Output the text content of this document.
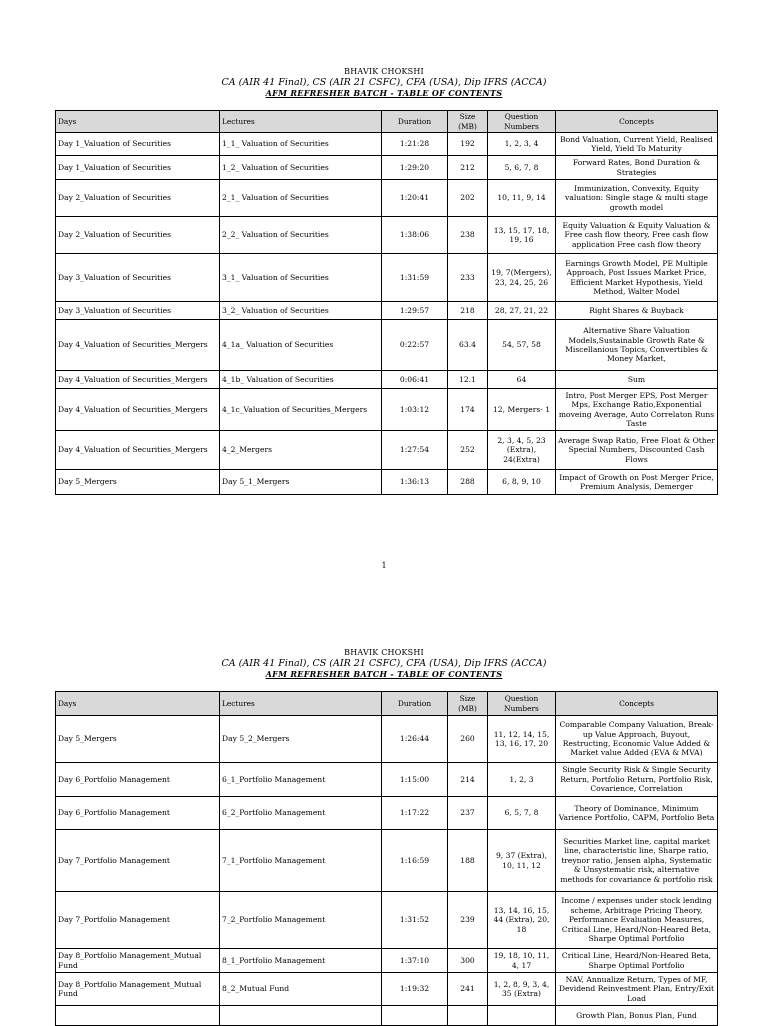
BHAVIK CHOKSHI
CA (AIR 41 Final), CS (AIR 21 CSFC), CFA (USA), Dip IFRS (ACCA)
AFM REFRESHER BATCH - TABLE OF CONTENTS
Days	Lectures	Duration	Size (MB)	Question Numbers	Concepts
Day 1_Valuation of Securities	1_1_ Valuation of Securities	1:21:28	192	1, 2, 3, 4	Bond Valuation, Current Yield, Realised Yield, Yield To Maturity
Day 1_Valuation of Securities	1_2_ Valuation of Securities	1:29:20	212	5, 6, 7, 8	Forward Rates, Bond Duration & Strategies
Day 2_Valuation of Securities	2_1_ Valuation of Securities	1:20:41	202	10, 11, 9, 14	Immunization, Convexity, Equity valuation: Single stage & multi stage growth model
Day 2_Valuation of Securities	2_2_ Valuation of Securities	1:38:06	238	13, 15, 17, 18, 19, 16	Equity Valuation & Equity Valuation & Free cash flow theory, Free cash flow application Free cash flow theory
Day 3_Valuation of Securities	3_1_ Valuation of Securities	1:31:59	233	19, 7(Mergers), 23, 24, 25, 26	Earnings Growth Model, PE Multiple Approach, Post Issues Market Price, Efficient Market Hypothesis, Yield Method, Walter Model
Day 3_Valuation of Securities	3_2_ Valuation of Securities	1:29:57	218	28, 27, 21, 22	Right Shares & Buyback
Day 4_Valuation of Securities_Mergers	4_1a_ Valuation of Securities	0:22:57	63.4	54, 57, 58	Alternative Share Valuation Models,Sustainable Growth Rate & Miscellanious Topics, Convertibles & Money Market,
Day 4_Valuation of Securities_Mergers	4_1b_ Valuation of Securities	0:06:41	12.1	64	Sum
Day 4_Valuation of Securities_Mergers	4_1c_Valuation of Securities_Mergers	1:03:12	174	12, Mergers- 1	Intro, Post Merger EPS, Post Merger Mps, Exchange Ratio,Exponential moveing Average, Auto Correlaton Runs Taste
Day 4_Valuation of Securities_Mergers	4_2_Mergers	1:27:54	252	2, 3, 4, 5, 23 (Extra), 24(Extra)	Average Swap Ratio, Free Float & Other Special Numbers, Discounted Cash Flows
Day 5_Mergers	Day 5_1_Mergers	1:36:13	288	6, 8, 9, 10	Impact of Growth on Post Merger Price, Premium Analysis, Demerger
1
BHAVIK CHOKSHI
CA (AIR 41 Final), CS (AIR 21 CSFC), CFA (USA), Dip IFRS (ACCA)
AFM REFRESHER BATCH - TABLE OF CONTENTS
Days	Lectures	Duration	Size (MB)	Question Numbers	Concepts
Day 5_Mergers	Day 5_2_Mergers	1:26:44	260	11, 12, 14, 15, 13, 16, 17, 20	Comparable Company Valuation, Break-up Value Approach, Buyout, Restructing, Economic Value Added & Market value Added (EVA & MVA)
Day 6_Portfolio Management	6_1_Portfolio Management	1:15:00	214	1, 2, 3	Single Security Risk & Single Security Return, Portfolio Return, Portfolio Risk, Covarience, Correlation
Day 6_Portfolio Management	6_2_Portfolio Management	1:17:22	237	6, 5, 7, 8	Theory of Dominance, Minimum Varience Portfolio, CAPM, Portfolio Beta
Day 7_Portfolio Management	7_1_Portfolio Management	1:16:59	188	9, 37 (Extra), 10, 11, 12	Securities Market line, capital market line, characteristic line, Sharpe ratio, treynor ratio, Jensen alpha, Systematic & Unsystematic risk, alternative methods for covariance & portfolio risk
Day 7_Portfolio Management	7_2_Portfolio Management	1:31:52	239	13, 14, 16, 15, 44 (Extra), 20, 18	Income / expenses under stock lending scheme, Arbitrage Pricing Theory, Performance Evaluation Measures, Critical Line, Heard/Non-Heared Beta, Sharpe Optimal Portfolio
Day 8_Portfolio Management_Mutual Fund	8_1_Portfolio Management	1:37:10	300	19, 18, 10, 11, 4, 17	Critical Line, Heard/Non-Heared Beta, Sharpe Optimal Portfolio
Day 8_Portfolio Management_Mutual Fund	8_2_Mutual Fund	1:19:32	241	1, 2, 8, 9, 3, 4, 35 (Extra)	NAV, Annualize Return, Types of MF, Devidend Reinvestment Plan, Entry/Exit Load
					Growth Plan, Bonus Plan, Fund
